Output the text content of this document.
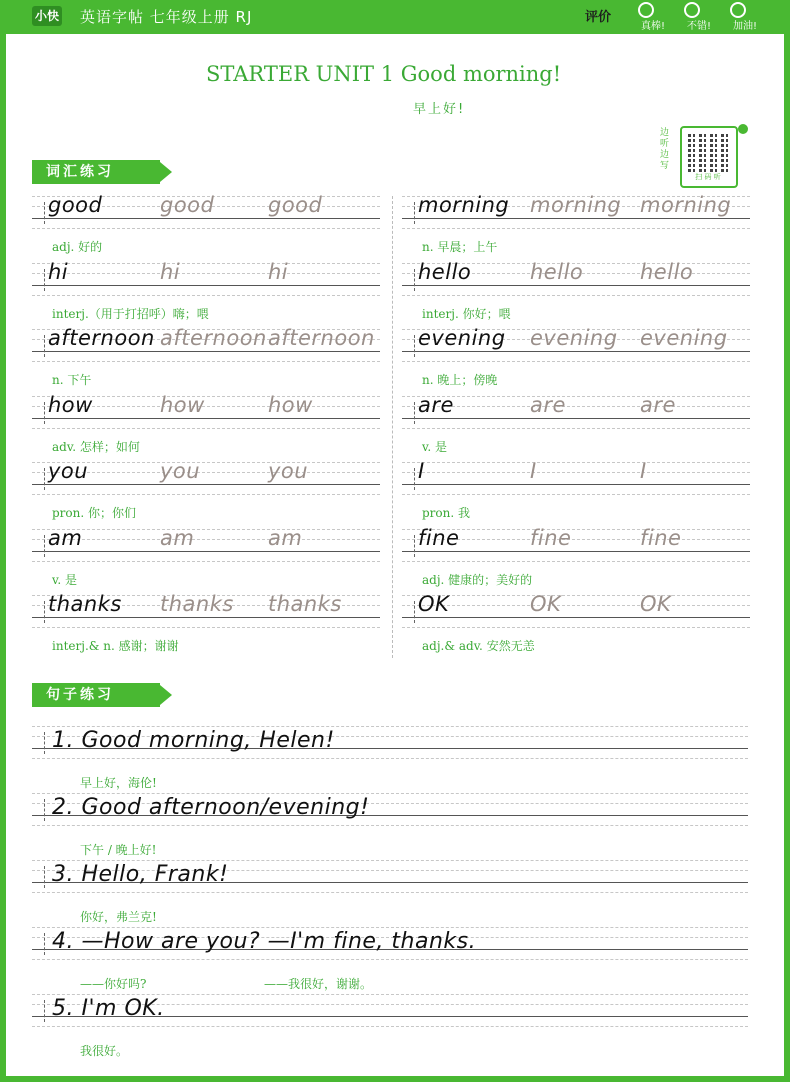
小快 英语字帖 七年级上册 RJ	评价
真棒!	不错!	加油!
STARTER UNIT 1 Good morning!
早上好!
边听边写
扫 码 听
词汇练习
good	good	good
adj. 好的
hi	hi	hi
interj.（用于打招呼）嗨；喂
afternoon afternoon afternoon
n. 下午
how	how	how
adv. 怎样；如何
you	you	you
pron. 你；你们
am	am	am
v. 是
thanks thanks thanks
interj.& n. 感谢；谢谢
morning morning morning
n. 早晨；上午
hello	hello	hello
interj. 你好；喂
evening evening evening
n. 晚上；傍晚
are	are	are
v. 是
I	I	I
pron. 我
fine	fine	fine
adj. 健康的；美好的
OK	OK	OK
adj.& adv. 安然无恙
句子练习
1. Good morning, Helen!
早上好，海伦!
2. Good afternoon/evening!
下午 / 晚上好!
3. Hello, Frank!
你好，弗兰克!
4. —How are you? —I'm fine, thanks.
——你好吗?	——我很好，谢谢。
5. I'm OK.
我很好。
